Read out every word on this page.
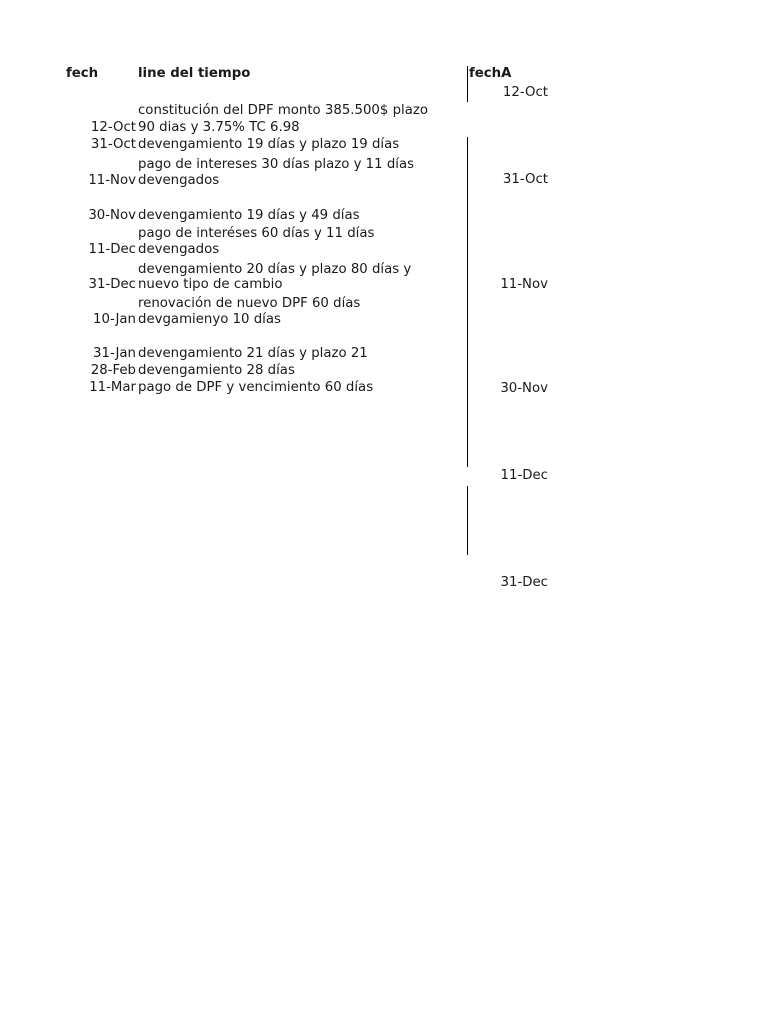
fech	line del tiempo	fechA
constitución del DPF monto 385.500$ plazo
12-Oct 90 dias y 3.75% TC 6.98
31-Oct devengamiento 19 días y plazo 19 días
pago de intereses 30 días plazo y 11 días
11-Nov devengados
30-Nov devengamiento 19 días y 49 días
pago de interéses 60 días y 11 días
11-Dec devengados
devengamiento 20 días y plazo 80 días y
31-Dec nuevo tipo de cambio
renovación de nuevo DPF 60 días
10-Jan devgamienyo 10 días
31-Jan devengamiento 21 días y plazo 21
28-Feb devengamiento 28 días
11-Mar pago de DPF y vencimiento 60 días
12-Oct
31-Oct
11-Nov
30-Nov
11-Dec
31-Dec
